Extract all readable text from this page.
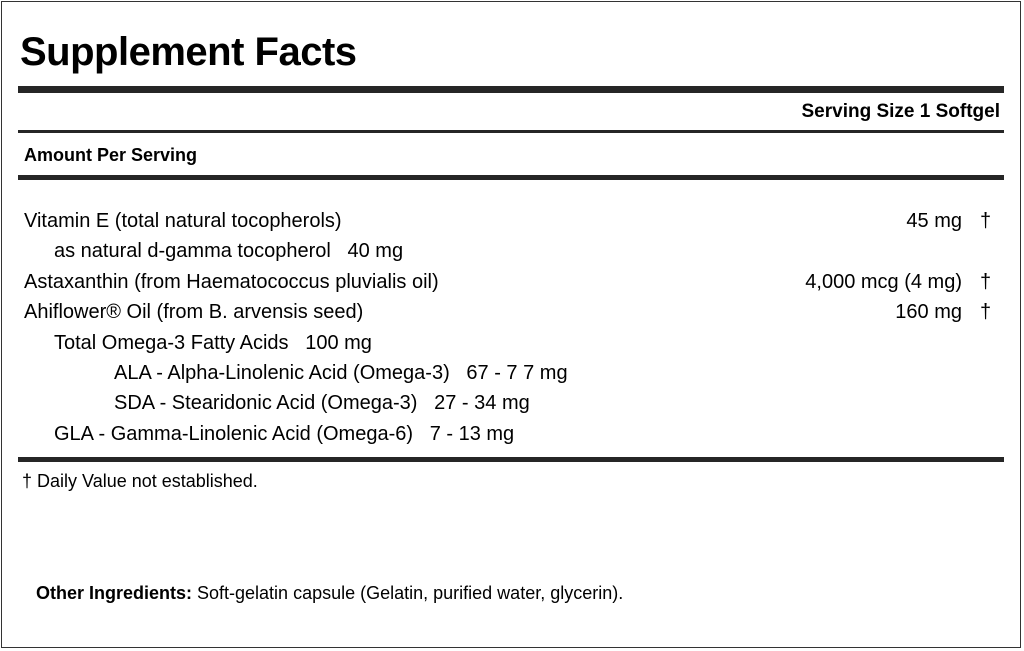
Supplement Facts
Serving Size 1 Softgel
Amount Per Serving
Vitamin E (total natural tocopherols)	45 mg †
as natural d-gamma tocopherol   40 mg
Astaxanthin (from Haematococcus pluvialis oil)	4,000 mcg (4 mg) †
Ahiflower® Oil (from B. arvensis seed)	160 mg †
Total Omega-3 Fatty Acids   100 mg
ALA - Alpha-Linolenic Acid (Omega-3)   67 - 7 7 mg
SDA - Stearidonic Acid (Omega-3)   27 - 34 mg
GLA - Gamma-Linolenic Acid (Omega-6)   7 - 13 mg
† Daily Value not established.
Other Ingredients: Soft-gelatin capsule (Gelatin, purified water, glycerin).
